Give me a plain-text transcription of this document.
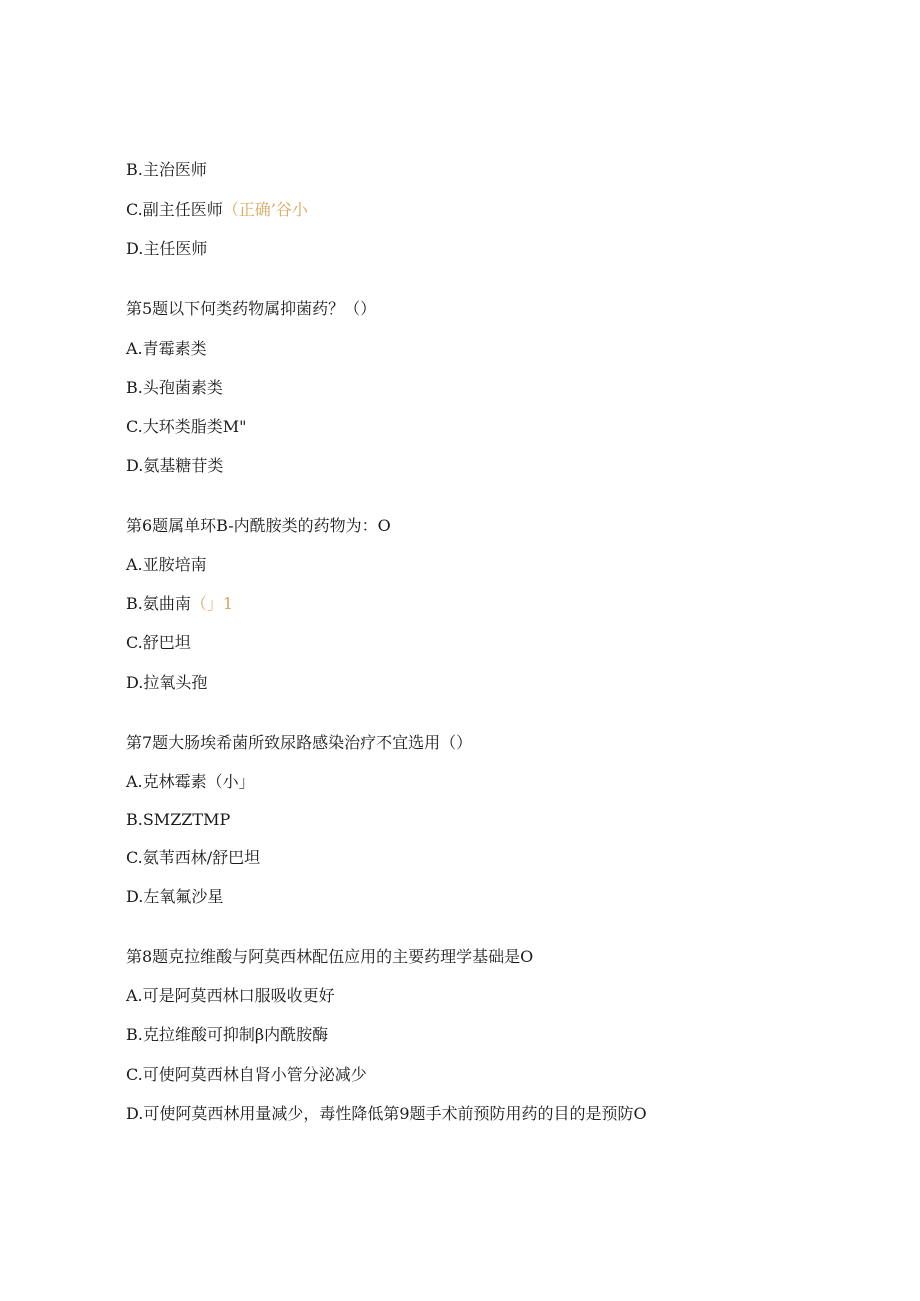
B.主治医师
C.副主任医师（正确’谷小
D.主任医师
第5题以下何类药物属抑菌药？（）
A.青霉素类
B.头孢菌素类
C.大环类脂类M"
D.氨基糖苷类
第6题属单环B-内酰胺类的药物为：O
A.亚胺培南
B.氨曲南（」1
C.舒巴坦
D.拉氧头孢
第7题大肠埃希菌所致尿路感染治疗不宜选用（）
A.克林霉素（小」
B.SMZZTMP
C.氨苇西林/舒巴坦
D.左氧氟沙星
第8题克拉维酸与阿莫西林配伍应用的主要药理学基础是O
A.可是阿莫西林口服吸收更好
B.克拉维酸可抑制β内酰胺酶
C.可使阿莫西林自肾小管分泌减少
D.可使阿莫西林用量减少，毒性降低第9题手术前预防用药的目的是预防O
